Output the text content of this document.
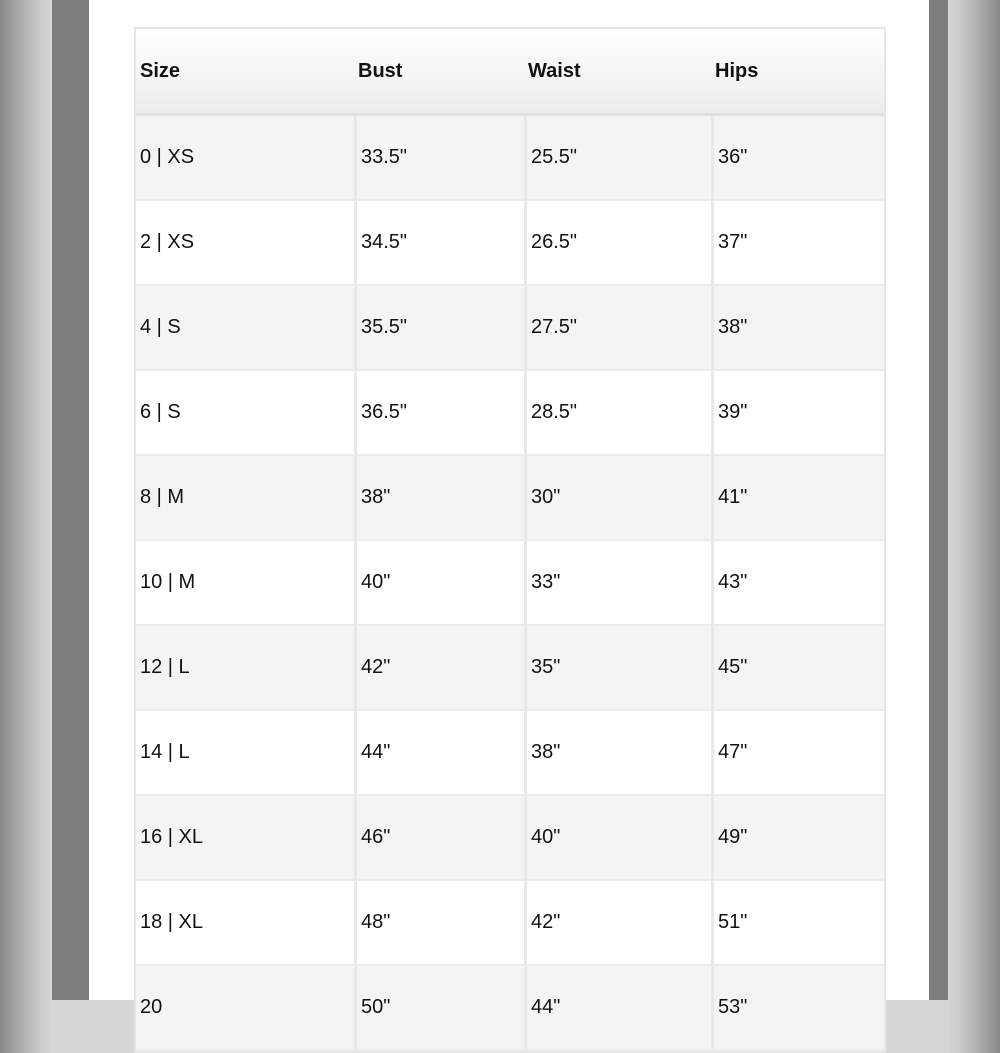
Size	Bust	Waist	Hips
0 | XS	33.5"	25.5"	36"
2 | XS	34.5"	26.5"	37"
4 | S	35.5"	27.5"	38"
6 | S	36.5"	28.5"	39"
8 | M	38"	30"	41"
10 | M	40"	33"	43"
12 | L	42"	35"	45"
14 | L	44"	38"	47"
16 | XL	46"	40"	49"
18 | XL	48"	42"	51"
20	50"	44"	53"
